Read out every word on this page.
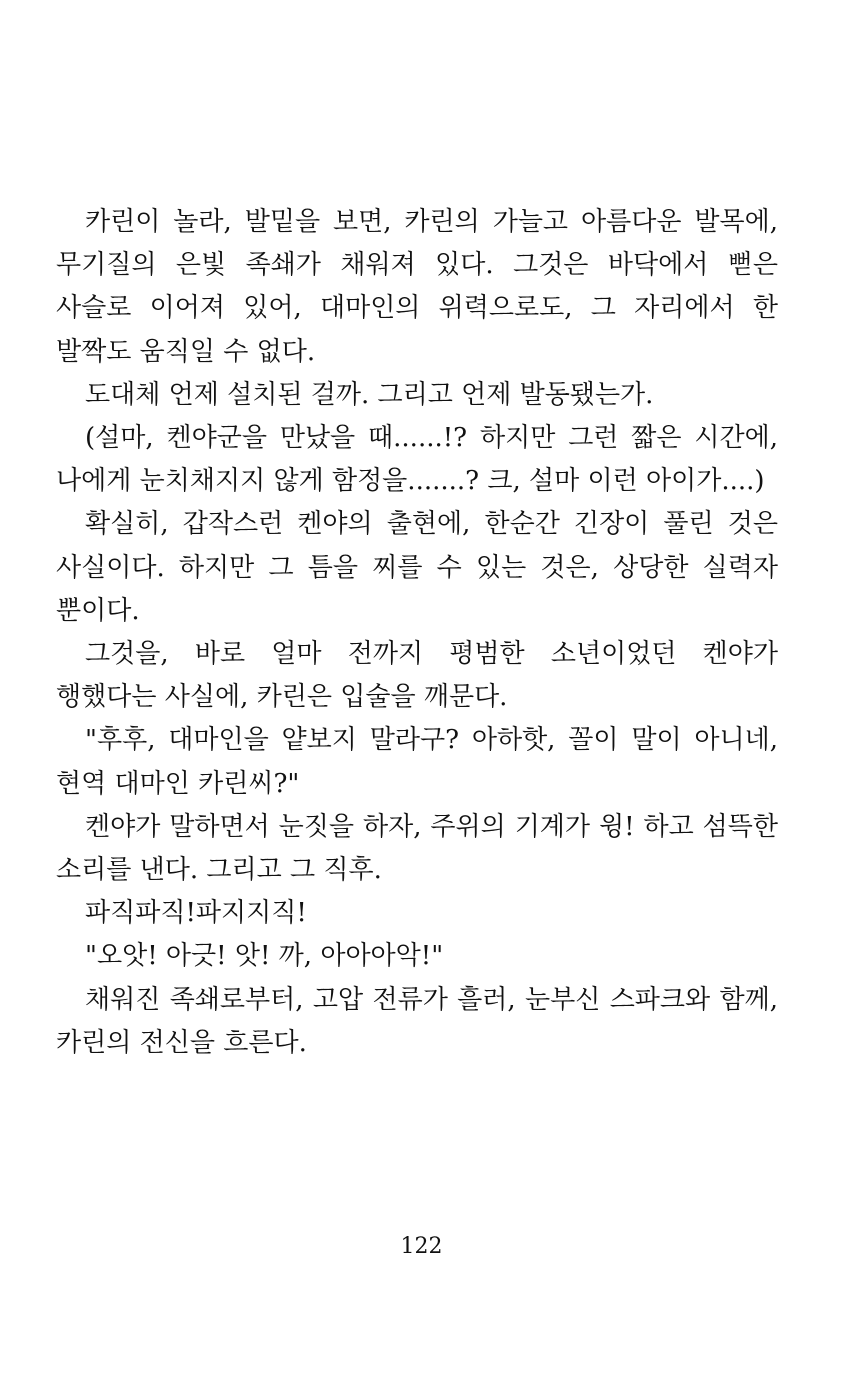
카린이 놀라, 발밑을 보면, 카린의 가늘고 아름다운 발목에, 무기질의 은빛 족쇄가 채워져 있다. 그것은 바닥에서 뻗은 사슬로 이어져 있어, 대마인의 위력으로도, 그 자리에서 한 발짝도 움직일 수 없다.

도대체 언제 설치된 걸까. 그리고 언제 발동됐는가.

(설마, 켄야군을 만났을 때......!? 하지만 그런 짧은 시간에, 나에게 눈치채지지 않게 함정을.......? 크, 설마 이런 아이가....)

확실히, 갑작스런 켄야의 출현에, 한순간 긴장이 풀린 것은 사실이다. 하지만 그 틈을 찌를 수 있는 것은, 상당한 실력자 뿐이다.

그것을, 바로 얼마 전까지 평범한 소년이었던 켄야가 행했다는 사실에, 카린은 입술을 깨문다.

"후후, 대마인을 얕보지 말라구? 아하핫, 꼴이 말이 아니네, 현역 대마인 카린씨?"

켄야가 말하면서 눈짓을 하자, 주위의 기계가 윙! 하고 섬뜩한 소리를 낸다. 그리고 그 직후.

파직파직!파지지직!

"오앗! 아긋! 앗! 까, 아아아악!"

채워진 족쇄로부터, 고압 전류가 흘러, 눈부신 스파크와 함께, 카린의 전신을 흐른다.

122
